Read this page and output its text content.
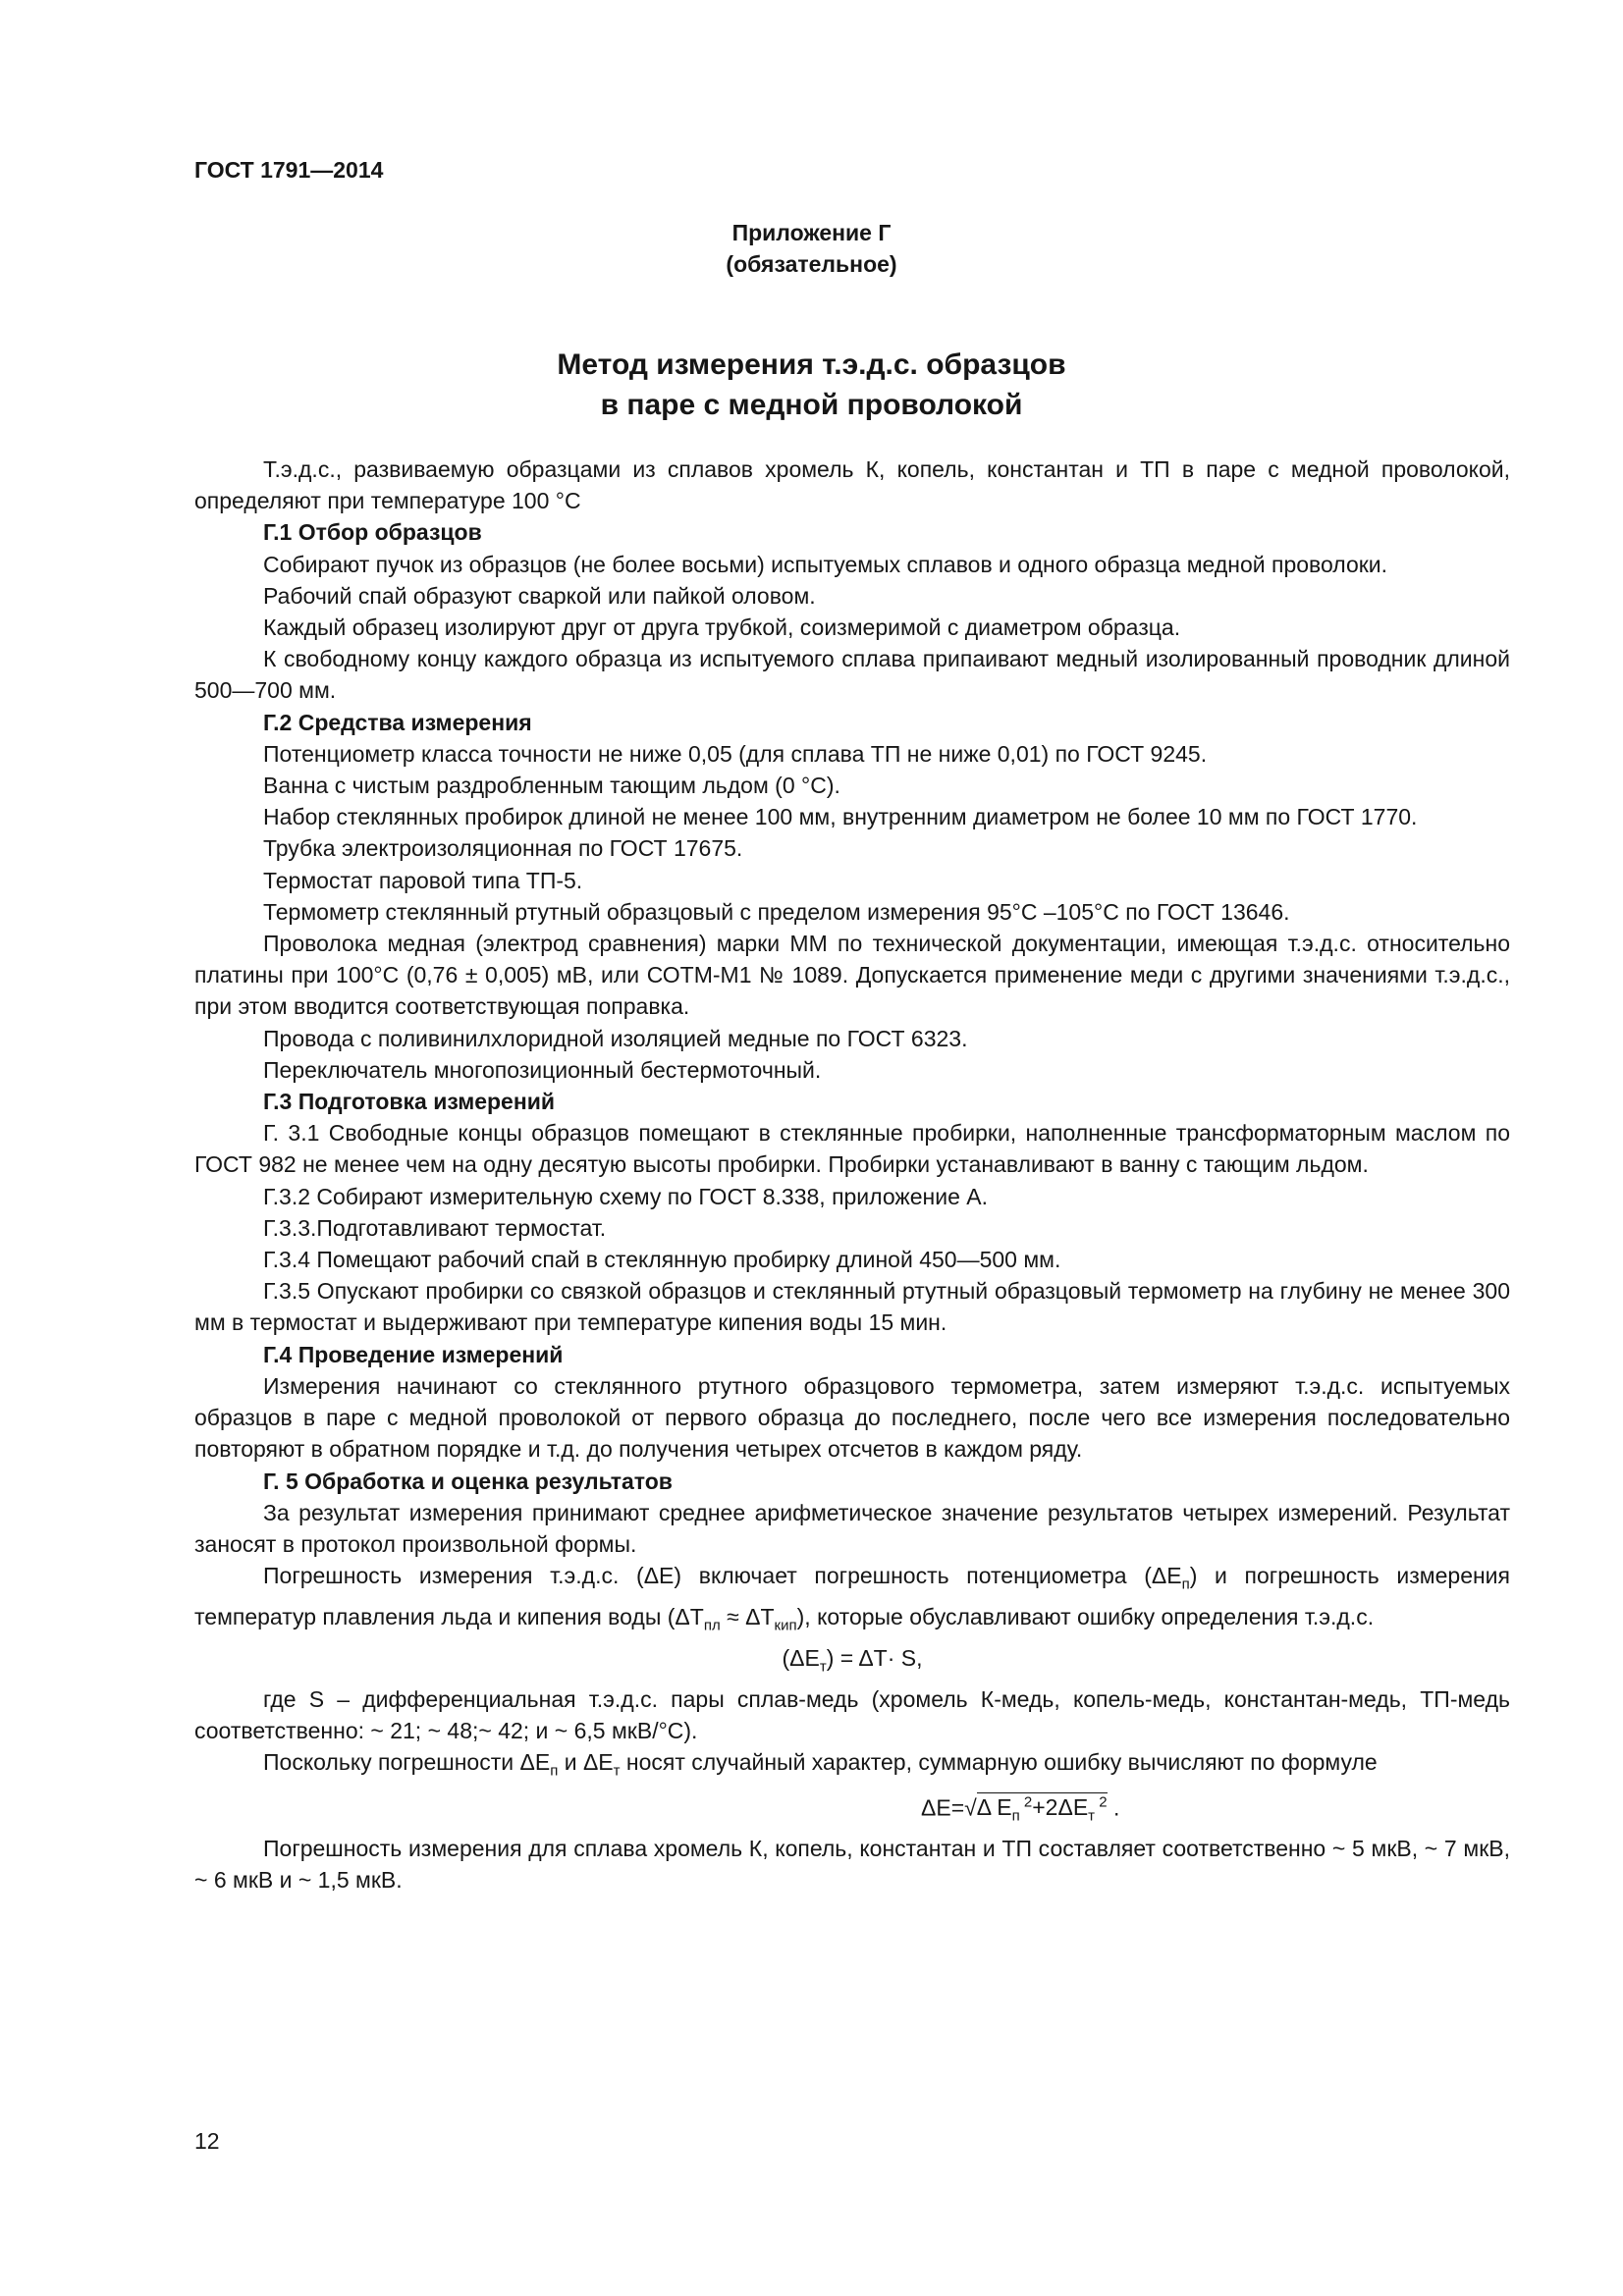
ГОСТ 1791—2014
Приложение Г
(обязательное)
Метод измерения т.э.д.с. образцов
в паре с медной проволокой

Т.э.д.с., развиваемую образцами из сплавов хромель К, копель, константан и ТП в паре с медной проволокой, определяют при температуре 100 °С

Г.1 Отбор образцов

Собирают пучок из образцов (не более восьми) испытуемых сплавов и одного образца медной проволоки.

Рабочий спай образуют сваркой или пайкой оловом.

Каждый образец изолируют друг от друга трубкой, соизмеримой с диаметром образца.

К свободному концу каждого образца из испытуемого сплава припаивают медный изолированный проводник длиной 500—700 мм.

Г.2 Средства измерения

Потенциометр класса точности не ниже 0,05 (для сплава ТП не ниже 0,01) по ГОСТ 9245.

Ванна с чистым раздробленным тающим льдом (0 °С).

Набор стеклянных пробирок длиной не менее 100 мм, внутренним диаметром не более 10 мм по ГОСТ 1770.

Трубка электроизоляционная по ГОСТ 17675.

Термостат паровой типа ТП-5.

Термометр стеклянный ртутный образцовый с пределом измерения 95°С –105°С по ГОСТ 13646.

Проволока медная (электрод сравнения) марки ММ по технической документации, имеющая т.э.д.с. относительно платины при 100°С (0,76 ± 0,005) мВ, или СОТМ-М1 № 1089. Допускается применение меди с другими значениями т.э.д.с., при этом вводится соответствующая поправка.

Провода с поливинилхлоридной изоляцией медные по ГОСТ 6323.

Переключатель многопозиционный бестермоточный.

Г.3 Подготовка измерений

Г. 3.1 Свободные концы образцов помещают в стеклянные пробирки, наполненные трансформаторным маслом по ГОСТ 982 не менее чем на одну десятую высоты пробирки. Пробирки устанавливают в ванну с тающим льдом.

Г.3.2 Собирают измерительную схему по ГОСТ 8.338, приложение А.

Г.3.3.Подготавливают термостат.

Г.3.4 Помещают рабочий спай в стеклянную пробирку длиной 450—500 мм.

Г.3.5 Опускают пробирки со связкой образцов и стеклянный ртутный образцовый термометр на глубину не менее 300 мм в термостат и выдерживают при температуре кипения воды 15 мин.

Г.4 Проведение измерений

Измерения начинают со стеклянного ртутного образцового термометра, затем измеряют т.э.д.с. испытуемых образцов в паре с медной проволокой от первого образца до последнего, после чего все измерения последовательно повторяют в обратном порядке и т.д. до получения четырех отсчетов в каждом ряду.

Г. 5 Обработка и оценка результатов

За результат измерения принимают среднее арифметическое значение результатов четырех измерений. Результат заносят в протокол произвольной формы.

Погрешность измерения т.э.д.с. (ΔЕ) включает погрешность потенциометра $(\Delta Е_п)$ и погрешность измерения температур плавления льда и кипения воды $(\Delta Т_{пл} \approx \Delta Т_{кип})$, которые обуславливают ошибку определения т.э.д.с.

$(\Delta Е_т) = \Delta Т\cdot S$,

где S – дифференциальная т.э.д.с. пары сплав-медь (хромель К-медь, копель-медь, константан-медь, ТП-медь соответственно: ~ 21; ~ 48;~ 42; и ~ 6,5 мкВ/°С).

Поскольку погрешности $\Delta Е_п$ и $\Delta Е_т$ носят случайный характер, суммарную ошибку вычисляют по формуле

ΔЕ=√Δ $Е_п$ $^2+2\Delta Е_т$ $^2$ .

Погрешность измерения для сплава хромель К, копель, константан и ТП составляет соответственно ~ 5 мкВ, ~ 7 мкВ, ~ 6 мкВ и ~ 1,5 мкВ.

12
